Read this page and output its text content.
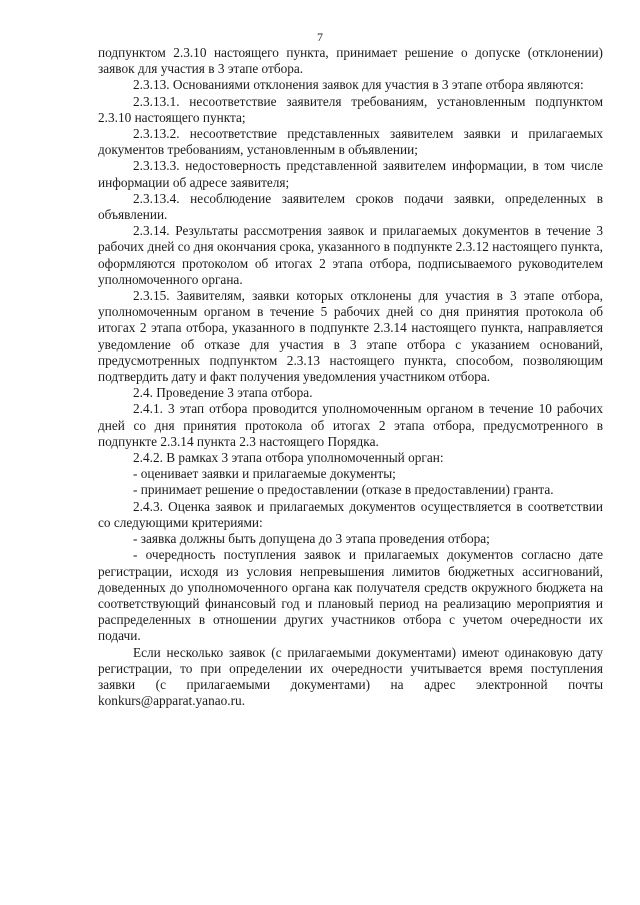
7

подпунктом 2.3.10 настоящего пункта, принимает решение о допуске (отклонении) заявок для участия в 3 этапе отбора.

2.3.13. Основаниями отклонения заявок для участия в 3 этапе отбора являются:

2.3.13.1. несоответствие заявителя требованиям, установленным подпунктом 2.3.10 настоящего пункта;

2.3.13.2. несоответствие представленных заявителем заявки и прилагаемых документов требованиям, установленным в объявлении;

2.3.13.3. недостоверность представленной заявителем информации, в том числе информации об адресе заявителя;

2.3.13.4. несоблюдение заявителем сроков подачи заявки, определенных в объявлении.

2.3.14. Результаты рассмотрения заявок и прилагаемых документов в течение 3 рабочих дней со дня окончания срока, указанного в подпункте 2.3.12 настоящего пункта, оформляются протоколом об итогах 2 этапа отбора, подписываемого руководителем уполномоченного органа.

2.3.15. Заявителям, заявки которых отклонены для участия в 3 этапе отбора, уполномоченным органом в течение 5 рабочих дней со дня принятия протокола об итогах 2 этапа отбора, указанного в подпункте 2.3.14 настоящего пункта, направляется уведомление об отказе для участия в 3 этапе отбора с указанием оснований, предусмотренных подпунктом 2.3.13 настоящего пункта, способом, позволяющим подтвердить дату и факт получения уведомления участником отбора.

2.4. Проведение 3 этапа отбора.

2.4.1. 3 этап отбора проводится уполномоченным органом в течение 10 рабочих дней со дня принятия протокола об итогах 2 этапа отбора, предусмотренного в подпункте 2.3.14 пункта 2.3 настоящего Порядка.

2.4.2. В рамках 3 этапа отбора уполномоченный орган:

- оценивает заявки и прилагаемые документы;

- принимает решение о предоставлении (отказе в предоставлении) гранта.

2.4.3. Оценка заявок и прилагаемых документов осуществляется в соответствии со следующими критериями:

- заявка должны быть допущена до 3 этапа проведения отбора;

- очередность поступления заявок и прилагаемых документов согласно дате регистрации, исходя из условия непревышения лимитов бюджетных ассигнований, доведенных до уполномоченного органа как получателя средств окружного бюджета на соответствующий финансовый год и плановый период на реализацию мероприятия и распределенных в отношении других участников отбора с учетом очередности их подачи.

Если несколько заявок (с прилагаемыми документами) имеют одинаковую дату регистрации, то при определении их очередности учитывается время поступления заявки (с прилагаемыми документами) на адрес электронной почты konkurs@apparat.yanao.ru.
